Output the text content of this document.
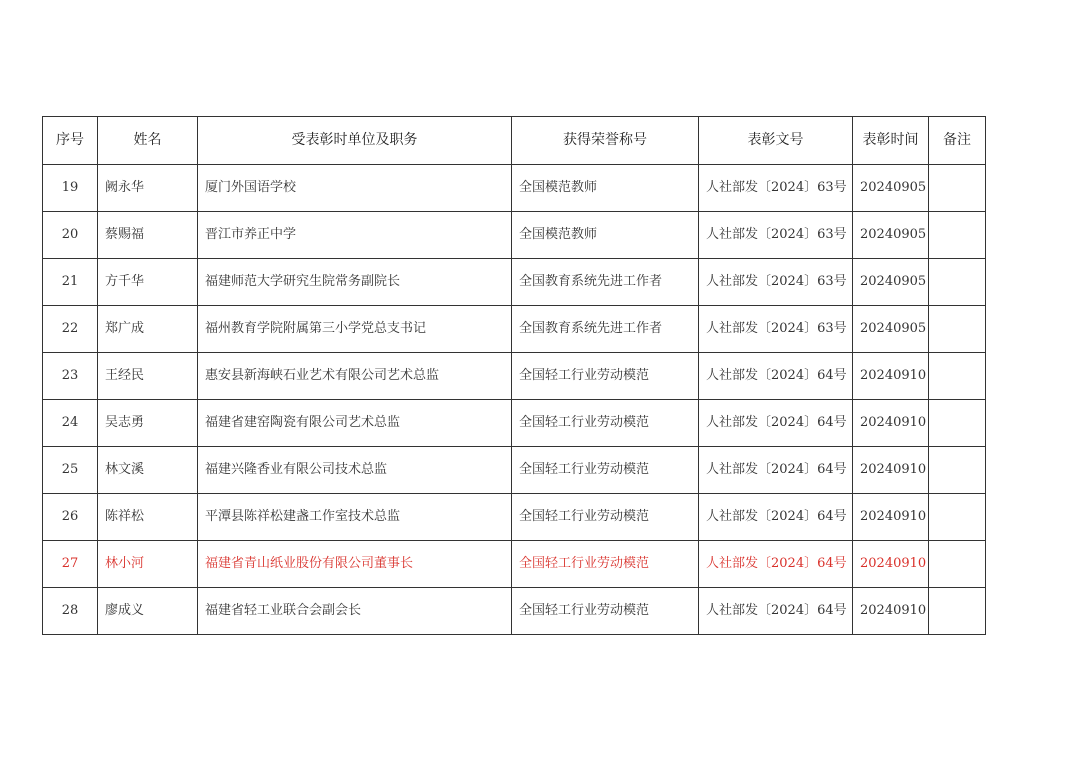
序号	姓名	受表彰时单位及职务	获得荣誉称号	表彰文号	表彰时间	备注
19	阙永华	厦门外国语学校	全国模范教师	人社部发〔2024〕63号	20240905	
20	蔡赐福	晋江市养正中学	全国模范教师	人社部发〔2024〕63号	20240905	
21	方千华	福建师范大学研究生院常务副院长	全国教育系统先进工作者	人社部发〔2024〕63号	20240905	
22	郑广成	福州教育学院附属第三小学党总支书记	全国教育系统先进工作者	人社部发〔2024〕63号	20240905	
23	王经民	惠安县新海峡石业艺术有限公司艺术总监	全国轻工行业劳动模范	人社部发〔2024〕64号	20240910	
24	吴志勇	福建省建窑陶瓷有限公司艺术总监	全国轻工行业劳动模范	人社部发〔2024〕64号	20240910	
25	林文溪	福建兴隆香业有限公司技术总监	全国轻工行业劳动模范	人社部发〔2024〕64号	20240910	
26	陈祥松	平潭县陈祥松建盏工作室技术总监	全国轻工行业劳动模范	人社部发〔2024〕64号	20240910	
27	林小河	福建省青山纸业股份有限公司董事长	全国轻工行业劳动模范	人社部发〔2024〕64号	20240910	
28	廖成义	福建省轻工业联合会副会长	全国轻工行业劳动模范	人社部发〔2024〕64号	20240910	
